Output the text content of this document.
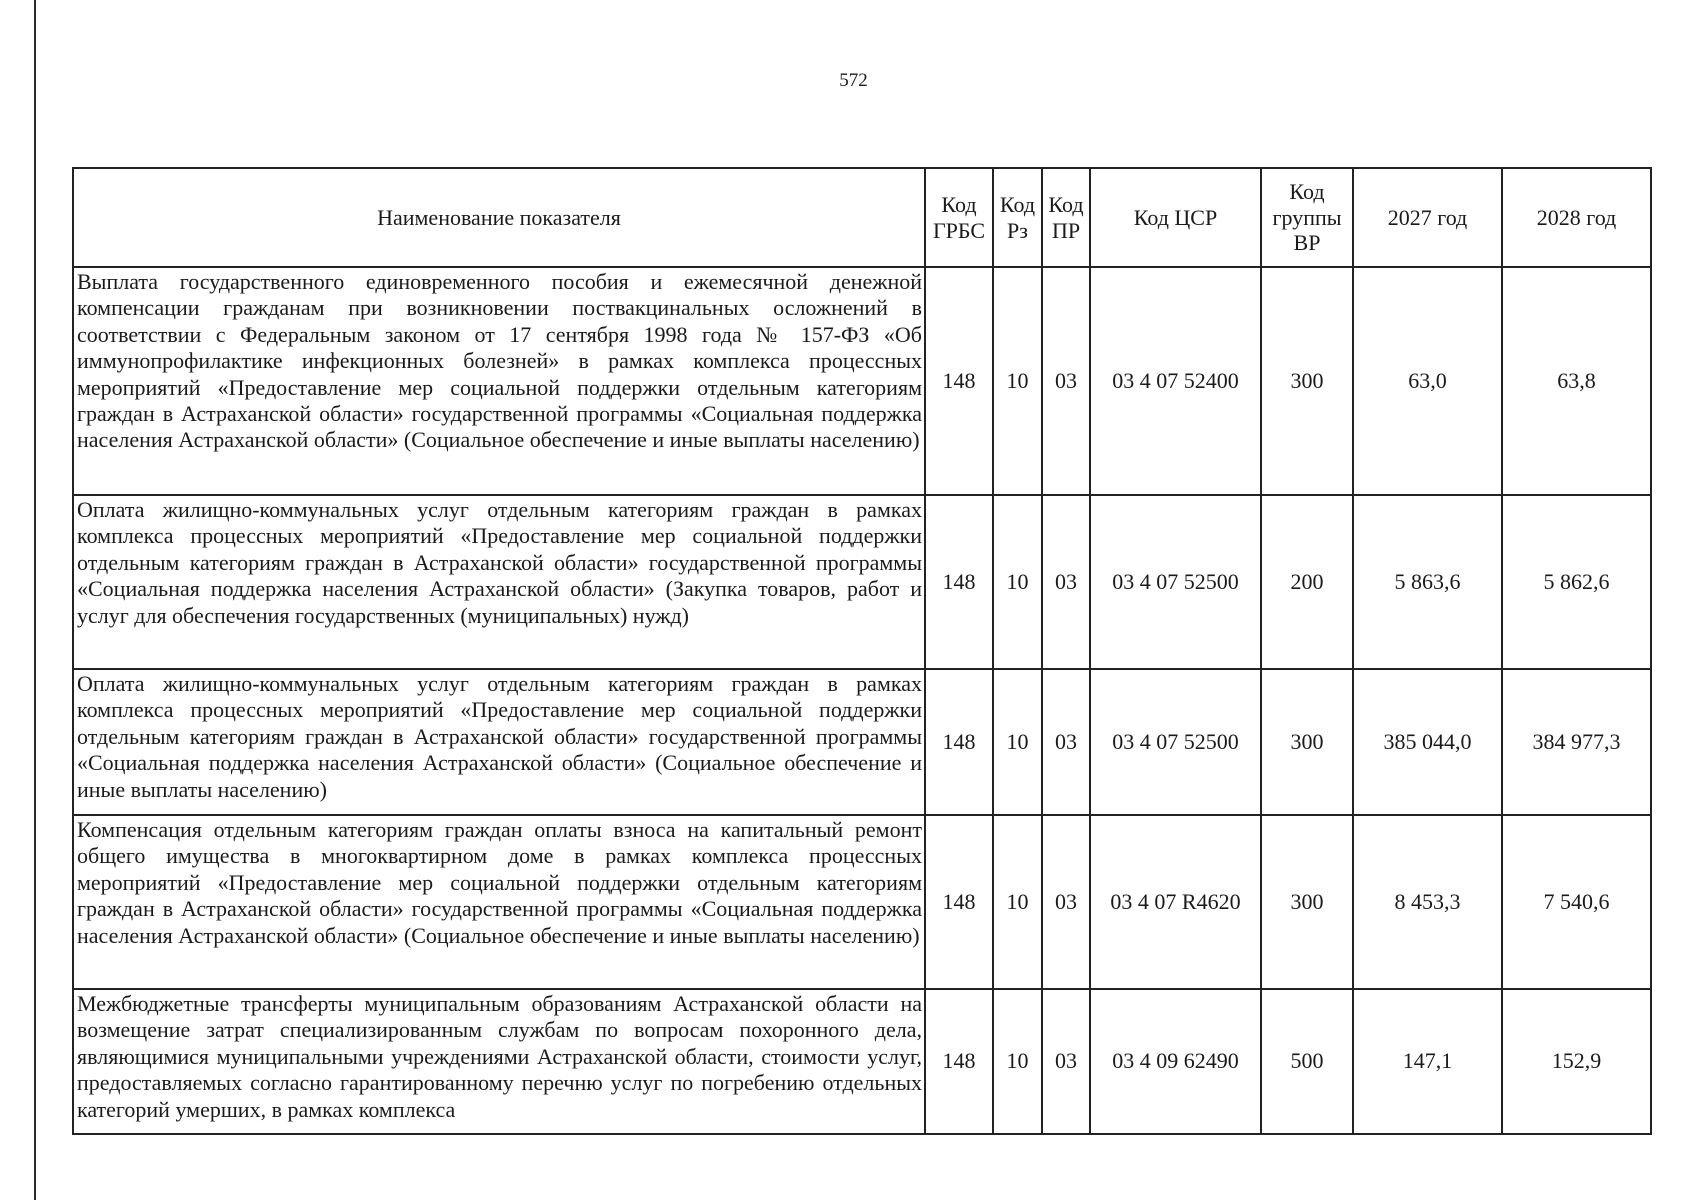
572
Наименование показателя	Код ГРБС	Код Рз	Код ПР	Код ЦСР	Код группы ВР	2027 год	2028 год
Выплата государственного единовременного пособия и ежемесячной денежной компенсации гражданам при возникновении поствакцинальных осложнений в соответствии с Федеральным законом от 17 сентября 1998 года № 157-ФЗ «Об иммунопрофилактике инфекционных болезней» в рамках комплекса процессных мероприятий «Предоставление мер социальной поддержки отдельным категориям граждан в Астраханской области» государственной программы «Социальная поддержка населения Астраханской области» (Социальное обеспечение и иные выплаты населению)	148	10	03	03 4 07 52400	300	63,0	63,8
Оплата жилищно-коммунальных услуг отдельным категориям граждан в рамках комплекса процессных мероприятий «Предоставление мер социальной поддержки отдельным категориям граждан в Астраханской области» государственной программы «Социальная поддержка населения Астраханской области» (Закупка товаров, работ и услуг для обеспечения государственных (муниципальных) нужд)	148	10	03	03 4 07 52500	200	5 863,6	5 862,6
Оплата жилищно-коммунальных услуг отдельным категориям граждан в рамках комплекса процессных мероприятий «Предоставление мер социальной поддержки отдельным категориям граждан в Астраханской области» государственной программы «Социальная поддержка населения Астраханской области» (Социальное обеспечение и иные выплаты населению)	148	10	03	03 4 07 52500	300	385 044,0	384 977,3
Компенсация отдельным категориям граждан оплаты взноса на капитальный ремонт общего имущества в многоквартирном доме в рамках комплекса процессных мероприятий «Предоставление мер социальной поддержки отдельным категориям граждан в Астраханской области» государственной программы «Социальная поддержка населения Астраханской области» (Социальное обеспечение и иные выплаты населению)	148	10	03	03 4 07 R4620	300	8 453,3	7 540,6

Межбюджетные трансферты муниципальным образованиям Астраханской области на возмещение затрат специализированным службам по вопросам похоронного дела, являющимися муниципальными учреждениями Астраханской области, стоимости услуг, предоставляемых согласно гарантированному перечню услуг по погребению отдельных категорий умерших, в рамках комплекса	148	10	03	03 4 09 62490	500	147,1	152,9
